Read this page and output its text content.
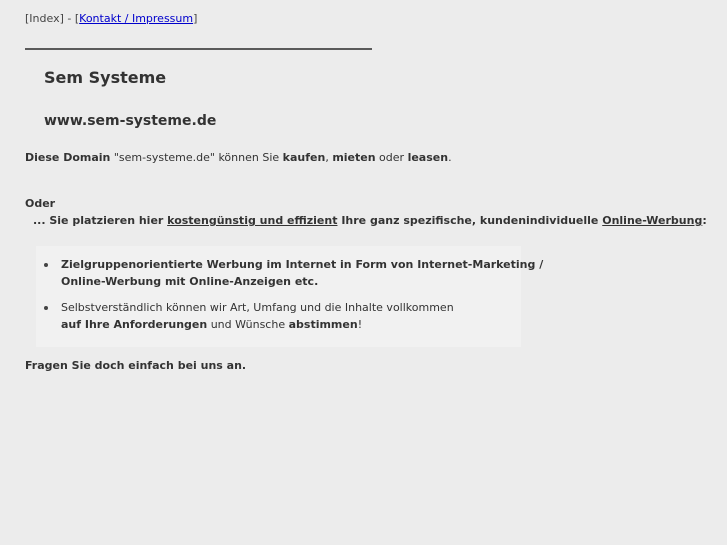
[Index] - [Kontakt / Impressum]
Sem Systeme
www.sem-systeme.de
Diese Domain "sem-systeme.de" können Sie kaufen, mieten oder leasen.
Oder
... Sie platzieren hier kostengünstig und effizient Ihre ganz spezifische, kundenindividuelle Online-Werbung:
Zielgruppenorientierte Werbung im Internet in Form von Internet-Marketing /
Online-Werbung mit Online-Anzeigen etc.
Selbstverständlich können wir Art, Umfang und die Inhalte vollkommen
auf Ihre Anforderungen und Wünsche abstimmen!
Fragen Sie doch einfach bei uns an.
